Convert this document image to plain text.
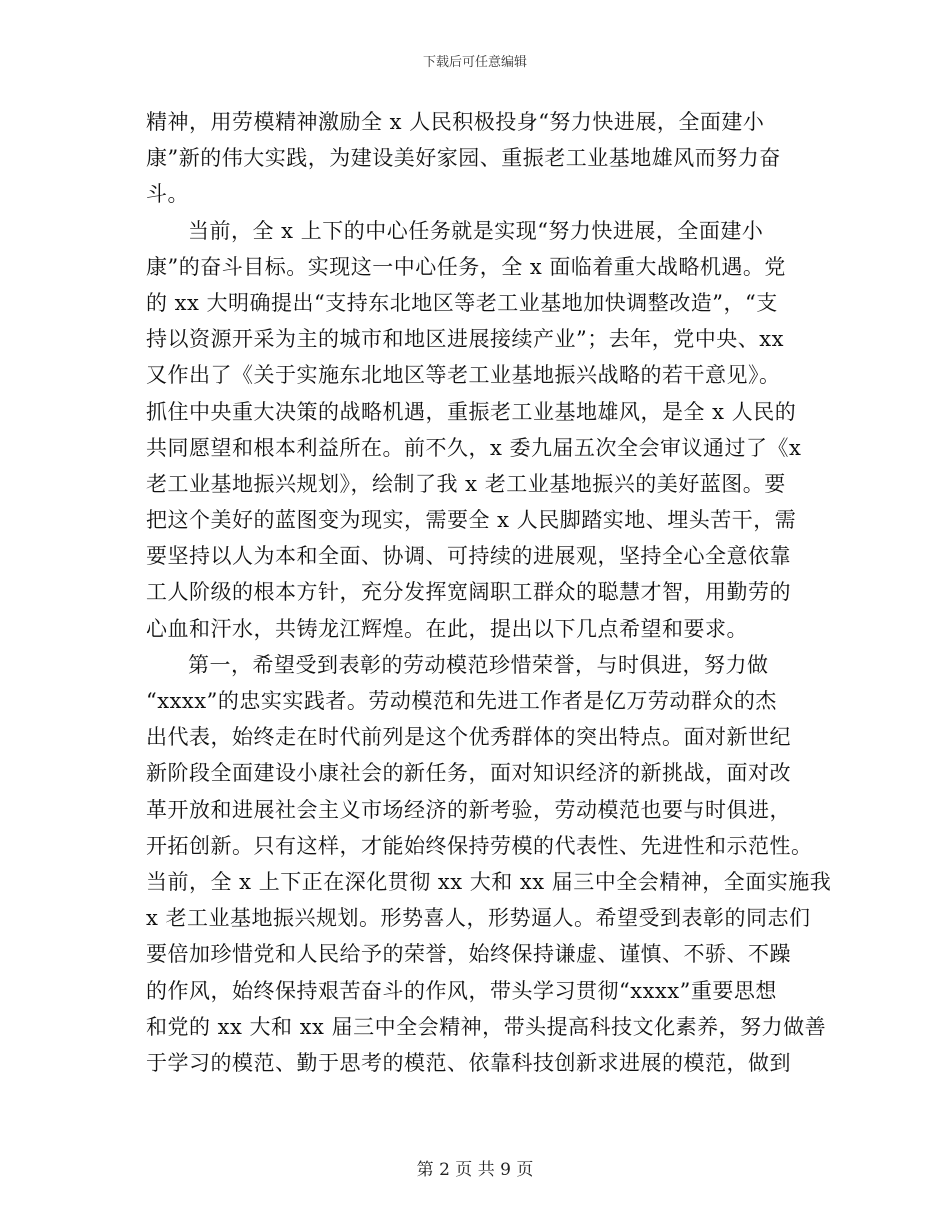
下载后可任意编辑
精神，用劳模精神激励全 x 人民积极投身“努力快进展，全面建小
康”新的伟大实践，为建设美好家园、重振老工业基地雄风而努力奋
斗。
当前，全 x 上下的中心任务就是实现“努力快进展，全面建小
康”的奋斗目标。实现这一中心任务，全 x 面临着重大战略机遇。党
的 xx 大明确提出“支持东北地区等老工业基地加快调整改造”，“支
持以资源开采为主的城市和地区进展接续产业”；去年，党中央、xx
又作出了《关于实施东北地区等老工业基地振兴战略的若干意见》。
抓住中央重大决策的战略机遇，重振老工业基地雄风，是全 x 人民的
共同愿望和根本利益所在。前不久，x 委九届五次全会审议通过了《x
老工业基地振兴规划》，绘制了我 x 老工业基地振兴的美好蓝图。要
把这个美好的蓝图变为现实，需要全 x 人民脚踏实地、埋头苦干，需
要坚持以人为本和全面、协调、可持续的进展观，坚持全心全意依靠
工人阶级的根本方针，充分发挥宽阔职工群众的聪慧才智，用勤劳的
心血和汗水，共铸龙江辉煌。在此，提出以下几点希望和要求。
第一，希望受到表彰的劳动模范珍惜荣誉，与时俱进，努力做
“xxxx”的忠实实践者。劳动模范和先进工作者是亿万劳动群众的杰
出代表，始终走在时代前列是这个优秀群体的突出特点。面对新世纪
新阶段全面建设小康社会的新任务，面对知识经济的新挑战，面对改
革开放和进展社会主义市场经济的新考验，劳动模范也要与时俱进，
开拓创新。只有这样，才能始终保持劳模的代表性、先进性和示范性。
当前，全 x 上下正在深化贯彻 xx 大和 xx 届三中全会精神，全面实施我
x 老工业基地振兴规划。形势喜人，形势逼人。希望受到表彰的同志们
要倍加珍惜党和人民给予的荣誉，始终保持谦虚、谨慎、不骄、不躁
的作风，始终保持艰苦奋斗的作风，带头学习贯彻“xxxx”重要思想
和党的 xx 大和 xx 届三中全会精神，带头提高科技文化素养，努力做善
于学习的模范、勤于思考的模范、依靠科技创新求进展的模范，做到
第 2 页 共 9 页
